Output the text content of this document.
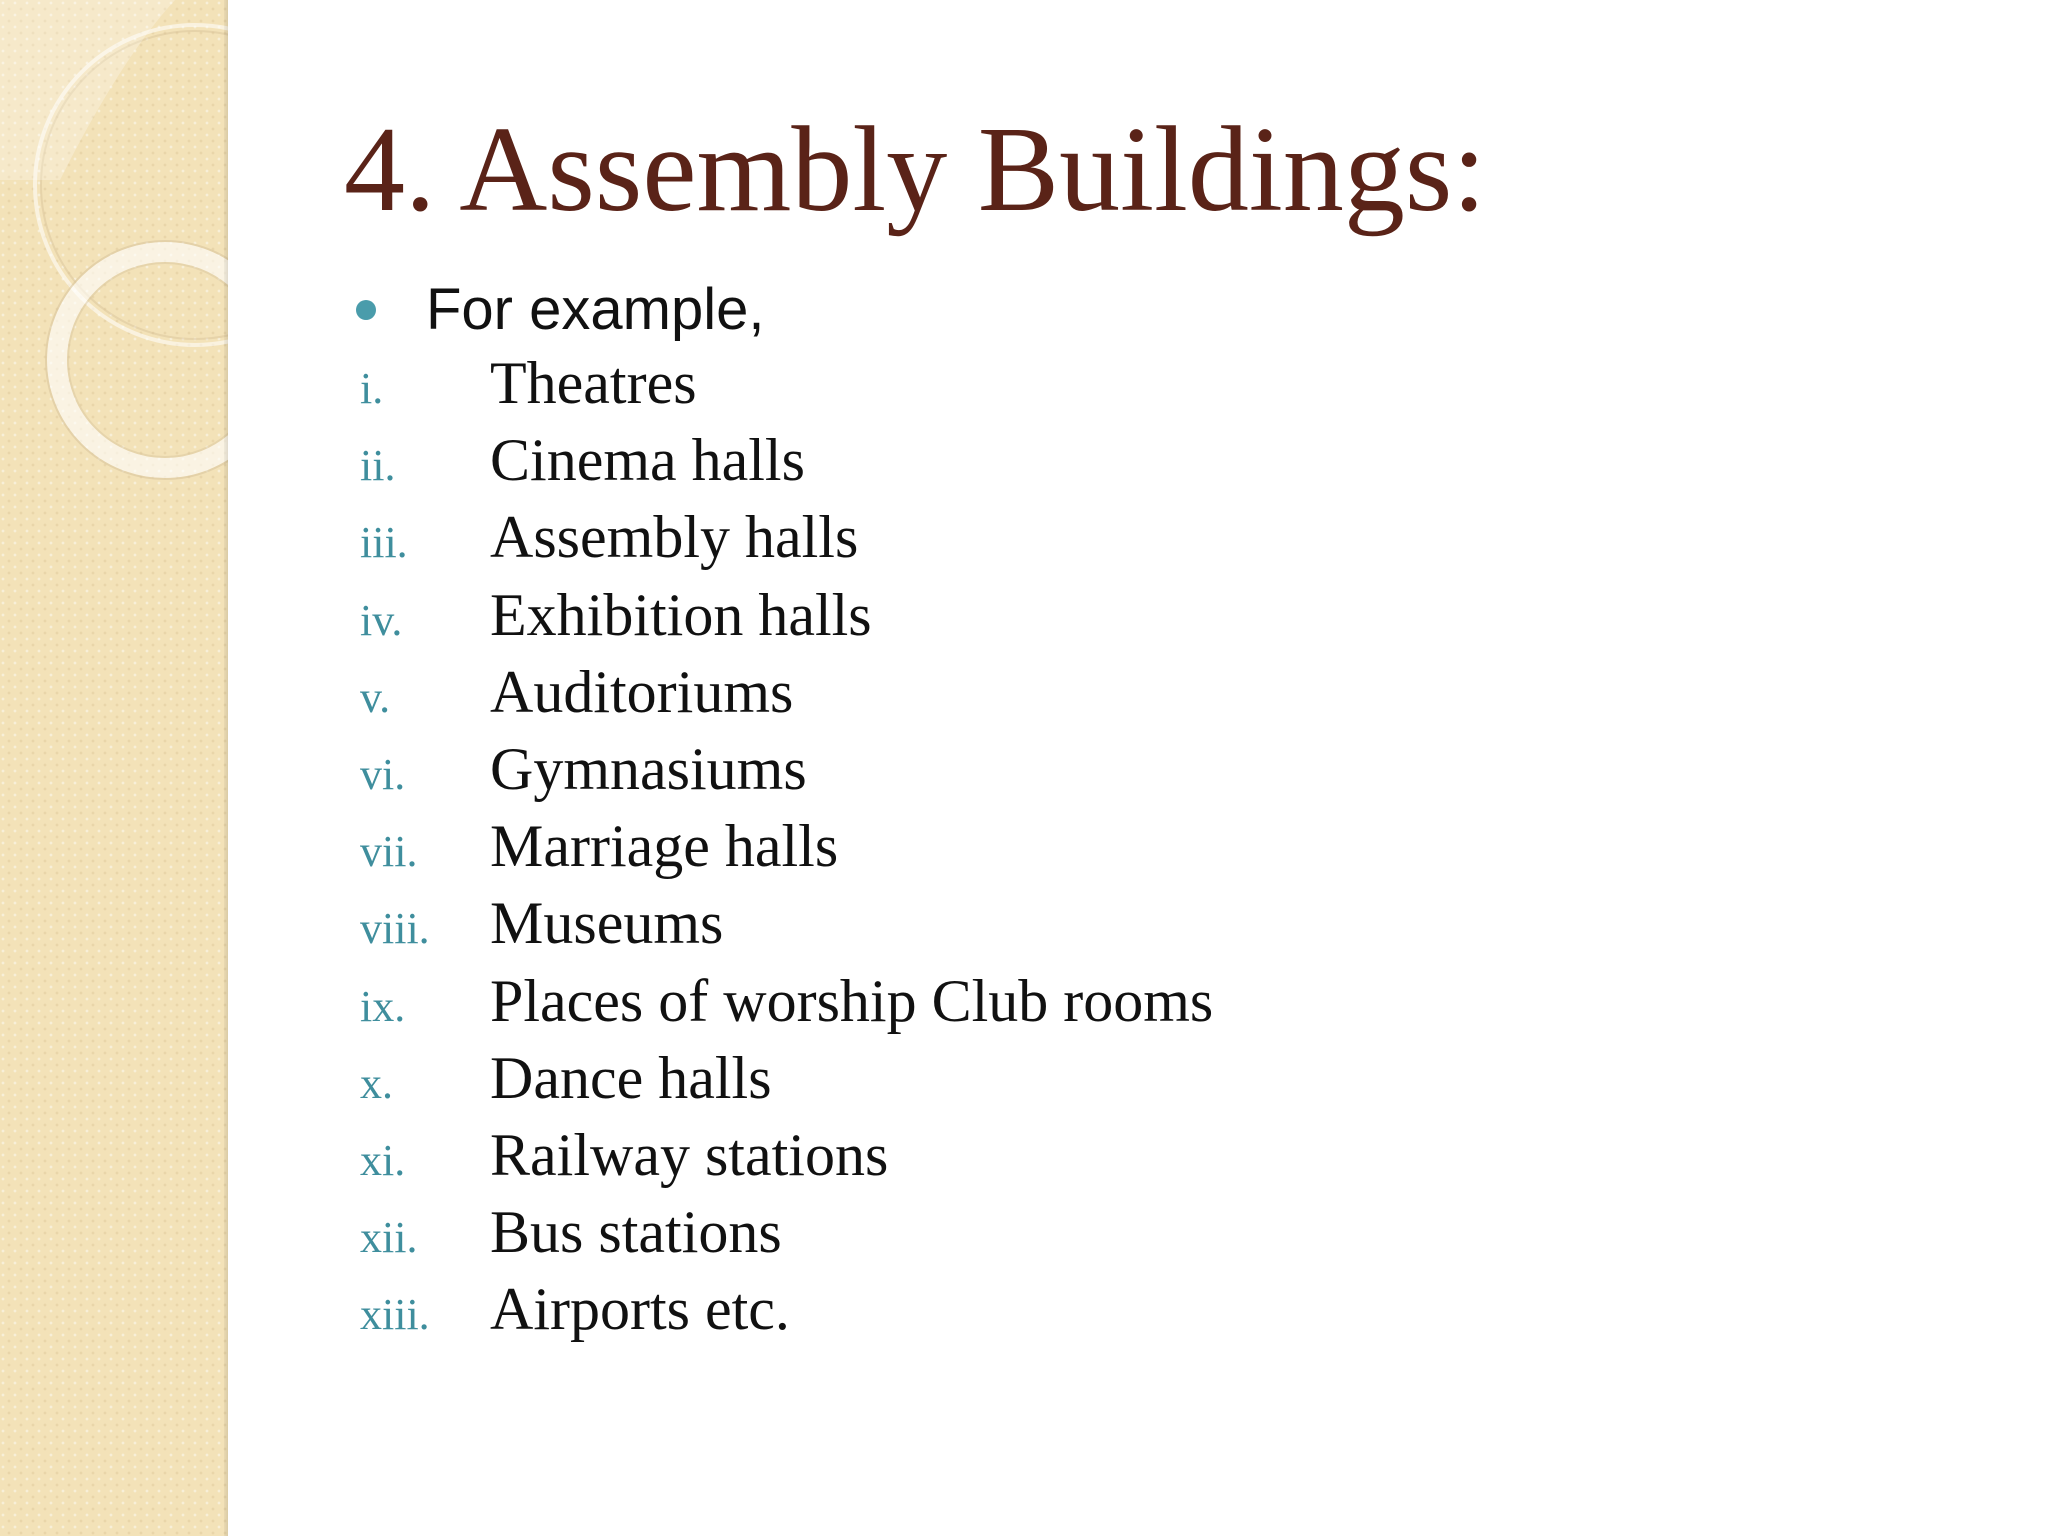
4. Assembly Buildings:
For example,
i.	Theatres
ii.	Cinema halls
iii.	Assembly halls
iv.	Exhibition halls
v.	Auditoriums
vi.	Gymnasiums
vii.	Marriage halls
viii.	Museums
ix.	Places of worship Club rooms
x.	Dance halls
xi.	Railway stations
xii.	Bus stations
xiii.	Airports etc.
